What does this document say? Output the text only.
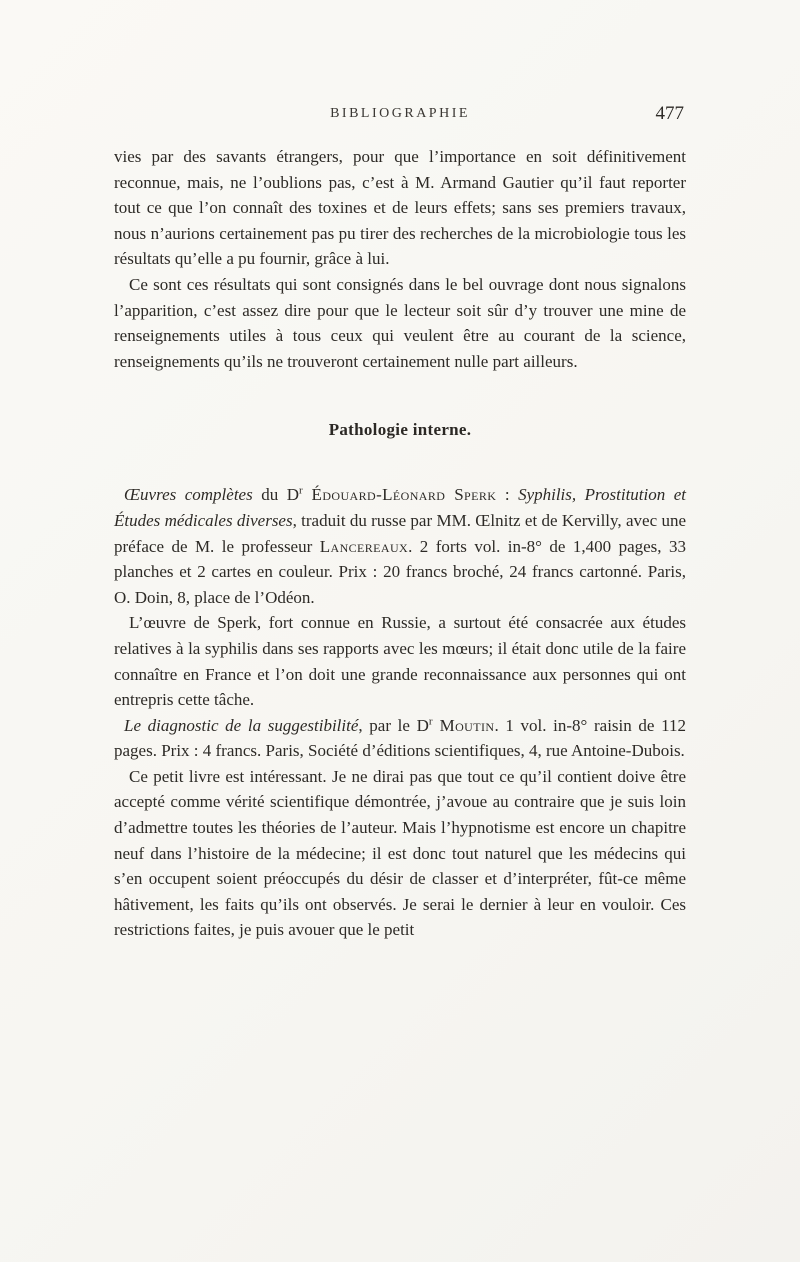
BIBLIOGRAPHIE	477

vies par des savants étrangers, pour que l’importance en soit définitivement reconnue, mais, ne l’oublions pas, c’est à M. Armand Gautier qu’il faut reporter tout ce que l’on connaît des toxines et de leurs effets; sans ses premiers travaux, nous n’aurions certainement pas pu tirer des recherches de la microbiologie tous les résultats qu’elle a pu fournir, grâce à lui.

Ce sont ces résultats qui sont consignés dans le bel ouvrage dont nous signalons l’apparition, c’est assez dire pour que le lecteur soit sûr d’y trouver une mine de renseignements utiles à tous ceux qui veulent être au courant de la science, renseignements qu’ils ne trouveront certainement nulle part ailleurs.

Pathologie interne.

Œuvres complètes du $D^r$ Édouard-Léonard Sperk : Syphilis, Prostitution et Études médicales diverses, traduit du russe par MM. Œlnitz et de Kervilly, avec une préface de M. le professeur Lancereaux. 2 forts vol. in-8° de 1,400 pages, 33 planches et 2 cartes en couleur. Prix : 20 francs broché, 24 francs cartonné. Paris, O. Doin, 8, place de l’Odéon.

L’œuvre de Sperk, fort connue en Russie, a surtout été consacrée aux études relatives à la syphilis dans ses rapports avec les mœurs; il était donc utile de la faire connaître en France et l’on doit une grande reconnaissance aux personnes qui ont entrepris cette tâche.

Le diagnostic de la suggestibilité, par le $D^r$ Moutin. 1 vol. in-8° raisin de 112 pages. Prix : 4 francs. Paris, Société d’éditions scientifiques, 4, rue Antoine-Dubois.

Ce petit livre est intéressant. Je ne dirai pas que tout ce qu’il contient doive être accepté comme vérité scientifique démontrée, j’avoue au contraire que je suis loin d’admettre toutes les théories de l’auteur. Mais l’hypnotisme est encore un chapitre neuf dans l’histoire de la médecine; il est donc tout naturel que les médecins qui s’en occupent soient préoccupés du désir de classer et d’interpréter, fût-ce même hâtivement, les faits qu’ils ont observés. Je serai le dernier à leur en vouloir. Ces restrictions faites, je puis avouer que le petit
